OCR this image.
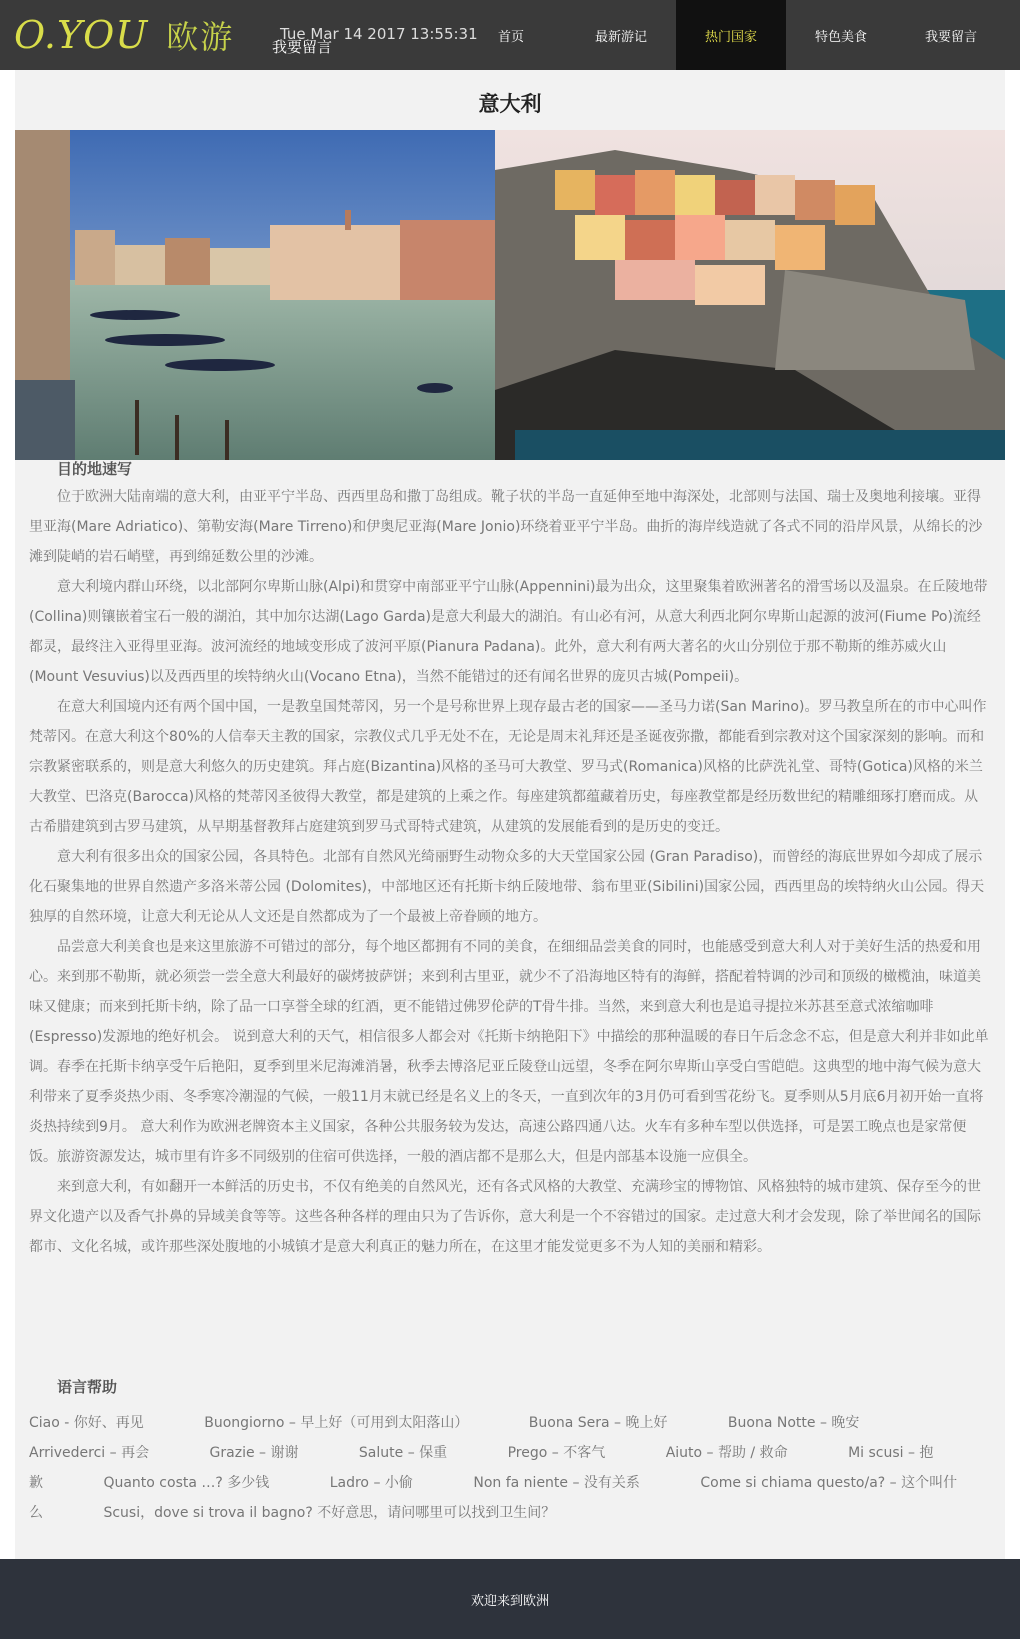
O.YOU 欧游	Tue Mar 14 2017 13:55:31
我要留言
首页	最新游记	热门国家	特色美食	我要留言
意大利
目的地速写

位于欧洲大陆南端的意大利，由亚平宁半岛、西西里岛和撒丁岛组成。靴子状的半岛一直延伸至地中海深处，北部则与法国、瑞士及奥地利接壤。亚得里亚海(Mare Adriatico)、第勒安海(Mare Tirreno)和伊奥尼亚海(Mare Jonio)环绕着亚平宁半岛。曲折的海岸线造就了各式不同的沿岸风景，从绵长的沙滩到陡峭的岩石峭壁，再到绵延数公里的沙滩。

意大利境内群山环绕，以北部阿尔卑斯山脉(Alpi)和贯穿中南部亚平宁山脉(Appennini)最为出众，这里聚集着欧洲著名的滑雪场以及温泉。在丘陵地带(Collina)则镶嵌着宝石一般的湖泊，其中加尔达湖(Lago Garda)是意大利最大的湖泊。有山必有河，从意大利西北阿尔卑斯山起源的波河(Fiume Po)流经都灵，最终注入亚得里亚海。波河流经的地域变形成了波河平原(Pianura Padana)。此外，意大利有两大著名的火山分别位于那不勒斯的维苏威火山(Mount Vesuvius)以及西西里的埃特纳火山(Vocano Etna)，当然不能错过的还有闻名世界的庞贝古城(Pompeii)。

在意大利国境内还有两个国中国，一是教皇国梵蒂冈，另一个是号称世界上现存最古老的国家——圣马力诺(San Marino)。罗马教皇所在的市中心叫作梵蒂冈。在意大利这个80%的人信奉天主教的国家，宗教仪式几乎无处不在，无论是周末礼拜还是圣诞夜弥撒，都能看到宗教对这个国家深刻的影响。而和宗教紧密联系的，则是意大利悠久的历史建筑。拜占庭(Bizantina)风格的圣马可大教堂、罗马式(Romanica)风格的比萨洗礼堂、哥特(Gotica)风格的米兰大教堂、巴洛克(Barocca)风格的梵蒂冈圣彼得大教堂，都是建筑的上乘之作。每座建筑都蕴藏着历史，每座教堂都是经历数世纪的精雕细琢打磨而成。从古希腊建筑到古罗马建筑，从早期基督教拜占庭建筑到罗马式哥特式建筑，从建筑的发展能看到的是历史的变迁。

意大利有很多出众的国家公园，各具特色。北部有自然风光绮丽野生动物众多的大天堂国家公园 (Gran Paradiso)，而曾经的海底世界如今却成了展示化石聚集地的世界自然遗产多洛米蒂公园 (Dolomites)，中部地区还有托斯卡纳丘陵地带、翁布里亚(Sibilini)国家公园，西西里岛的埃特纳火山公园。得天独厚的自然环境，让意大利无论从人文还是自然都成为了一个最被上帝眷顾的地方。

品尝意大利美食也是来这里旅游不可错过的部分，每个地区都拥有不同的美食，在细细品尝美食的同时，也能感受到意大利人对于美好生活的热爱和用心。来到那不勒斯，就必须尝一尝全意大利最好的碳烤披萨饼；来到利古里亚，就少不了沿海地区特有的海鲜，搭配着特调的沙司和顶级的橄榄油，味道美味又健康；而来到托斯卡纳，除了品一口享誉全球的红酒，更不能错过佛罗伦萨的T骨牛排。当然，来到意大利也是追寻提拉米苏甚至意式浓缩咖啡(Espresso)发源地的绝好机会。 说到意大利的天气，相信很多人都会对《托斯卡纳艳阳下》中描绘的那种温暖的春日午后念念不忘，但是意大利并非如此单调。春季在托斯卡纳享受午后艳阳，夏季到里米尼海滩消暑，秋季去博洛尼亚丘陵登山远望，冬季在阿尔卑斯山享受白雪皑皑。这典型的地中海气候为意大利带来了夏季炎热少雨、冬季寒冷潮湿的气候，一般11月末就已经是名义上的冬天，一直到次年的3月仍可看到雪花纷飞。夏季则从5月底6月初开始一直将炎热持续到9月。 意大利作为欧洲老牌资本主义国家，各种公共服务较为发达，高速公路四通八达。火车有多种车型以供选择，可是罢工晚点也是家常便饭。旅游资源发达，城市里有许多不同级别的住宿可供选择，一般的酒店都不是那么大，但是内部基本设施一应俱全。

来到意大利，有如翻开一本鲜活的历史书，不仅有绝美的自然风光，还有各式风格的大教堂、充满珍宝的博物馆、风格独特的城市建筑、保存至今的世界文化遗产以及香气扑鼻的异域美食等等。这些各种各样的理由只为了告诉你，意大利是一个不容错过的国家。走过意大利才会发现，除了举世闻名的国际都市、文化名城，或许那些深处腹地的小城镇才是意大利真正的魅力所在，在这里才能发觉更多不为人知的美丽和精彩。

语言帮助
Ciao - 你好、再见	Buongiorno – 早上好（可用到太阳落山）	Buona Sera – 晚上好	Buona Notte – 晚安 Arrivederci – 再会	Grazie – 谢谢	Salute – 保重	Prego – 不客气	Aiuto – 帮助 / 救命	Mi scusi – 抱歉	Quanto costa …? 多少钱	Ladro – 小偷	Non fa niente – 没有关系	Come si chiama questo/a? – 这个叫什么	Scusi，dove si trova il bagno? 不好意思，请问哪里可以找到卫生间？
欢迎来到欧洲
